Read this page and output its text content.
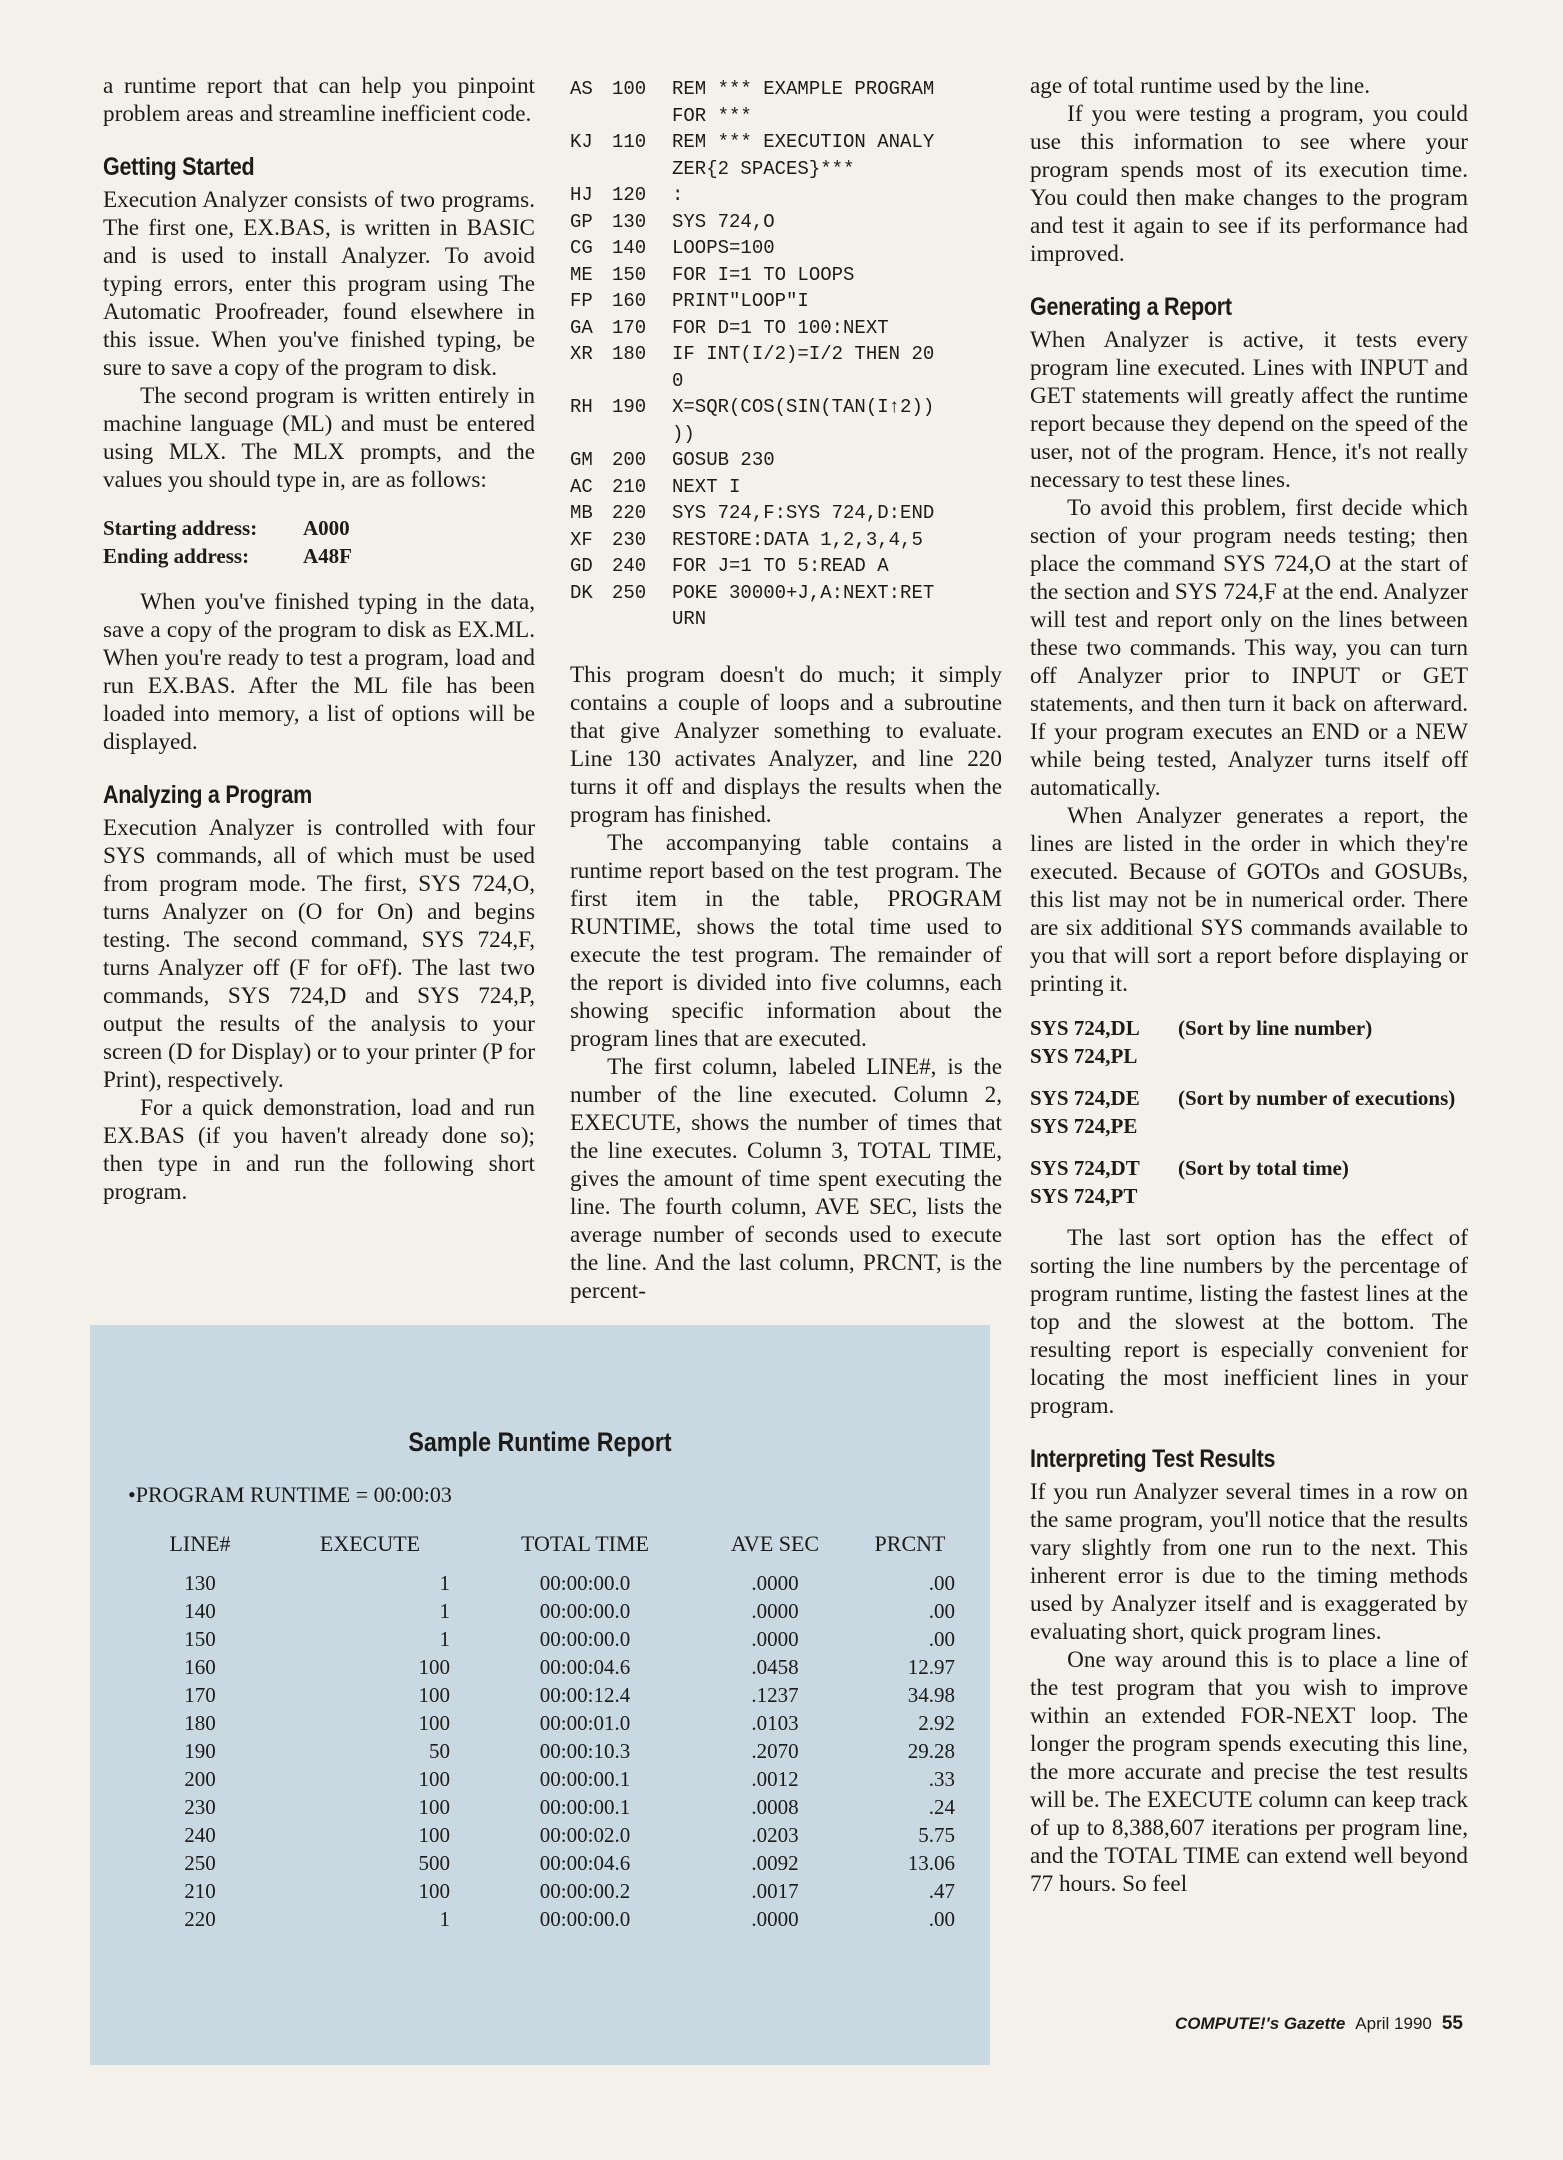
a runtime report that can help you pinpoint problem areas and streamline inefficient code.

Getting Started

Execution Analyzer consists of two programs. The first one, EX.BAS, is written in BASIC and is used to install Analyzer. To avoid typing errors, enter this program using The Automatic Proofreader, found elsewhere in this issue. When you've finished typing, be sure to save a copy of the program to disk.

The second program is written entirely in machine language (ML) and must be entered using MLX. The MLX prompts, and the values you should type in, are as follows:

Starting address:	A000
Ending address:	A48F

When you've finished typing in the data, save a copy of the program to disk as EX.ML. When you're ready to test a program, load and run EX.BAS. After the ML file has been loaded into memory, a list of options will be displayed.

Analyzing a Program

Execution Analyzer is controlled with four SYS commands, all of which must be used from program mode. The first, SYS 724,O, turns Analyzer on (O for On) and begins testing. The second command, SYS 724,F, turns Analyzer off (F for oFf). The last two commands, SYS 724,D and SYS 724,P, output the results of the analysis to your screen (D for Display) or to your printer (P for Print), respectively.

For a quick demonstration, load and run EX.BAS (if you haven't already done so); then type in and run the following short program.

AS	100	REM *** EXAMPLE PROGRAM
FOR ***
KJ	110	REM *** EXECUTION ANALY
ZER{2 SPACES}***
HJ	120	:
GP	130	SYS 724,O
CG	140	LOOPS=100
ME	150	FOR I=1 TO LOOPS
FP	160	PRINT"LOOP"I
GA	170	FOR D=1 TO 100:NEXT
XR	180	IF INT(I/2)=I/2 THEN 20
0
RH	190	X=SQR(COS(SIN(TAN(I↑2))
))
GM	200	GOSUB 230
AC	210	NEXT I
MB	220	SYS 724,F:SYS 724,D:END
XF	230	RESTORE:DATA 1,2,3,4,5
GD	240	FOR J=1 TO 5:READ A
DK	250	POKE 30000+J,A:NEXT:RET
URN

This program doesn't do much; it simply contains a couple of loops and a subroutine that give Analyzer something to evaluate. Line 130 activates Analyzer, and line 220 turns it off and displays the results when the program has finished.

The accompanying table contains a runtime report based on the test program. The first item in the table, PROGRAM RUNTIME, shows the total time used to execute the test program. The remainder of the report is divided into five columns, each showing specific information about the program lines that are executed.

The first column, labeled LINE#, is the number of the line executed. Column 2, EXECUTE, shows the number of times that the line executes. Column 3, TOTAL TIME, gives the amount of time spent executing the line. The fourth column, AVE SEC, lists the average number of seconds used to execute the line. And the last column, PRCNT, is the percent-

age of total runtime used by the line.

If you were testing a program, you could use this information to see where your program spends most of its execution time. You could then make changes to the program and test it again to see if its performance had improved.

Generating a Report

When Analyzer is active, it tests every program line executed. Lines with INPUT and GET statements will greatly affect the runtime report because they depend on the speed of the user, not of the program. Hence, it's not really necessary to test these lines.

To avoid this problem, first decide which section of your program needs testing; then place the command SYS 724,O at the start of the section and SYS 724,F at the end. Analyzer will test and report only on the lines between these two commands. This way, you can turn off Analyzer prior to INPUT or GET statements, and then turn it back on afterward. If your program executes an END or a NEW while being tested, Analyzer turns itself off automatically.

When Analyzer generates a report, the lines are listed in the order in which they're executed. Because of GOTOs and GOSUBs, this list may not be in numerical order. There are six additional SYS commands available to you that will sort a report before displaying or printing it.

SYS 724,DL
SYS 724,PL
(Sort by line number)
SYS 724,DE
SYS 724,PE
(Sort by number of executions)
SYS 724,DT
SYS 724,PT
(Sort by total time)

The last sort option has the effect of sorting the line numbers by the percentage of program runtime, listing the fastest lines at the top and the slowest at the bottom. The resulting report is especially convenient for locating the most inefficient lines in your program.

Interpreting Test Results

If you run Analyzer several times in a row on the same program, you'll notice that the results vary slightly from one run to the next. This inherent error is due to the timing methods used by Analyzer itself and is exaggerated by evaluating short, quick program lines.

One way around this is to place a line of the test program that you wish to improve within an extended FOR-NEXT loop. The longer the program spends executing this line, the more accurate and precise the test results will be. The EXECUTE column can keep track of up to 8,388,607 iterations per program line, and the TOTAL TIME can extend well beyond 77 hours. So feel

Sample Runtime Report
•PROGRAM RUNTIME = 00:00:03
LINE#	EXECUTE	TOTAL TIME	AVE SEC	PRCNT
130	1	00:00:00.0	.0000	.00
140	1	00:00:00.0	.0000	.00
150	1	00:00:00.0	.0000	.00
160	100	00:00:04.6	.0458	12.97
170	100	00:00:12.4	.1237	34.98
180	100	00:00:01.0	.0103	2.92
190	50	00:00:10.3	.2070	29.28
200	100	00:00:00.1	.0012	.33
230	100	00:00:00.1	.0008	.24
240	100	00:00:02.0	.0203	5.75
250	500	00:00:04.6	.0092	13.06
210	100	00:00:00.2	.0017	.47
220	1	00:00:00.0	.0000	.00
COMPUTE!'s Gazette April 1990 55
